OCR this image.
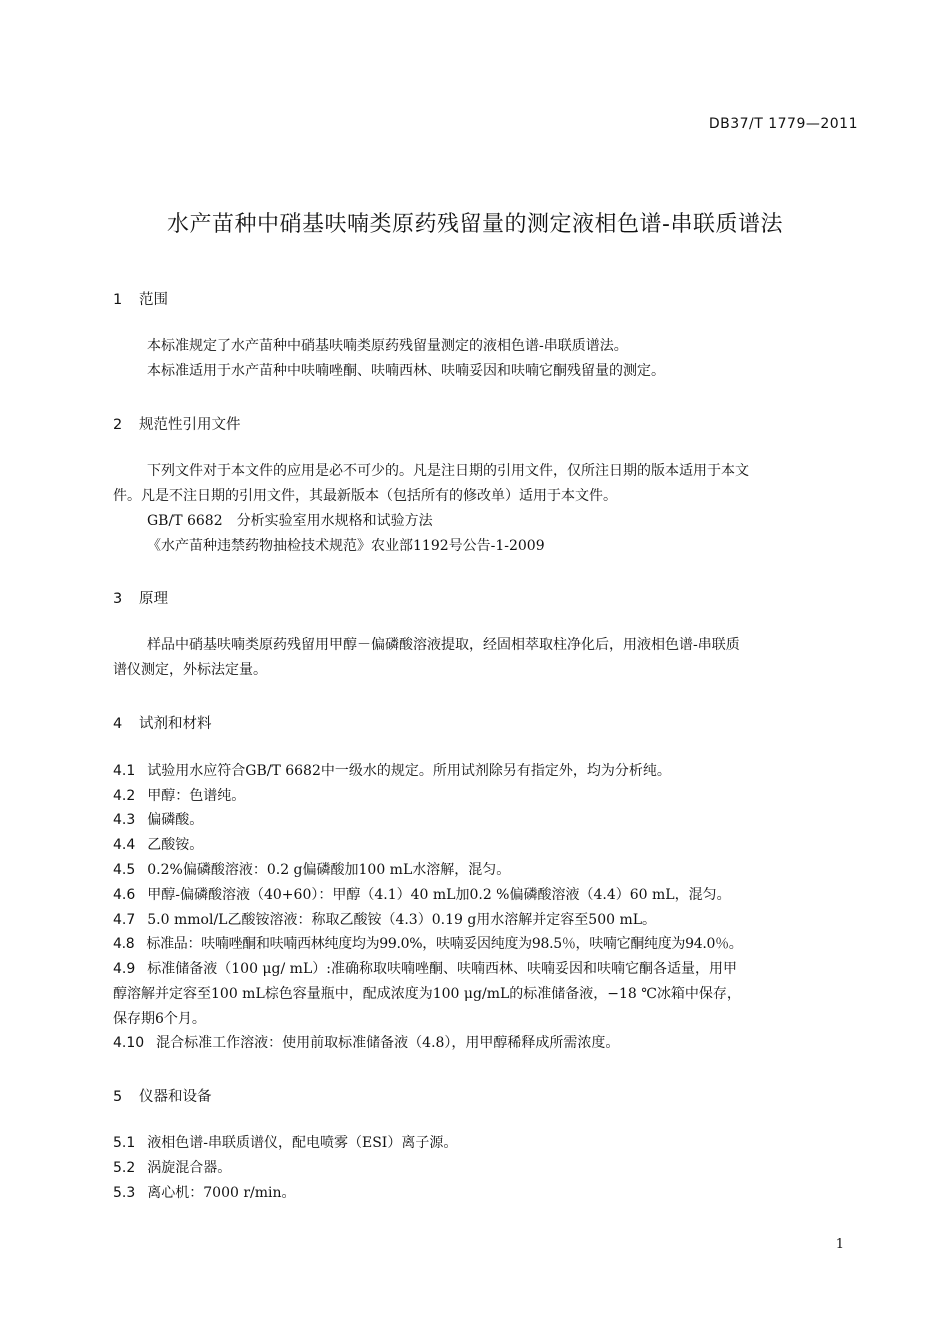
DB37/T 1779—2011
水产苗种中硝基呋喃类原药残留量的测定液相色谱-串联质谱法
1 范围
本标准规定了水产苗种中硝基呋喃类原药残留量测定的液相色谱-串联质谱法。
本标准适用于水产苗种中呋喃唑酮、呋喃西林、呋喃妥因和呋喃它酮残留量的测定。
2 规范性引用文件
下列文件对于本文件的应用是必不可少的。凡是注日期的引用文件，仅所注日期的版本适用于本文
件。凡是不注日期的引用文件，其最新版本（包括所有的修改单）适用于本文件。
GB/T 6682　分析实验室用水规格和试验方法
《水产苗种违禁药物抽检技术规范》农业部1192号公告-1-2009
3 原理
样品中硝基呋喃类原药残留用甲醇－偏磷酸溶液提取，经固相萃取柱净化后，用液相色谱-串联质
谱仪测定，外标法定量。
4 试剂和材料
4.1 试验用水应符合GB/T 6682中一级水的规定。所用试剂除另有指定外，均为分析纯。
4.2 甲醇：色谱纯。
4.3 偏磷酸。
4.4 乙酸铵。
4.5 0.2%偏磷酸溶液：0.2 g偏磷酸加100 mL水溶解，混匀。
4.6 甲醇-偏磷酸溶液（40+60）：甲醇（4.1）40 mL加0.2 %偏磷酸溶液（4.4）60 mL，混匀。
4.7 5.0 mmol/L乙酸铵溶液：称取乙酸铵（4.3）0.19 g用水溶解并定容至500 mL。
4.8 标准品：呋喃唑酮和呋喃西林纯度均为99.0%，呋喃妥因纯度为98.5％，呋喃它酮纯度为94.0％。
4.9 标准储备液（100 μg/ mL）:准确称取呋喃唑酮、呋喃西林、呋喃妥因和呋喃它酮各适量，用甲
醇溶解并定容至100 mL棕色容量瓶中，配成浓度为100 μg/mL的标准储备液，−18 ℃冰箱中保存，
保存期6个月。
4.10 混合标准工作溶液：使用前取标准储备液（4.8），用甲醇稀释成所需浓度。
5 仪器和设备
5.1 液相色谱-串联质谱仪，配电喷雾（ESI）离子源。
5.2 涡旋混合器。
5.3 离心机：7000 r/min。
1
